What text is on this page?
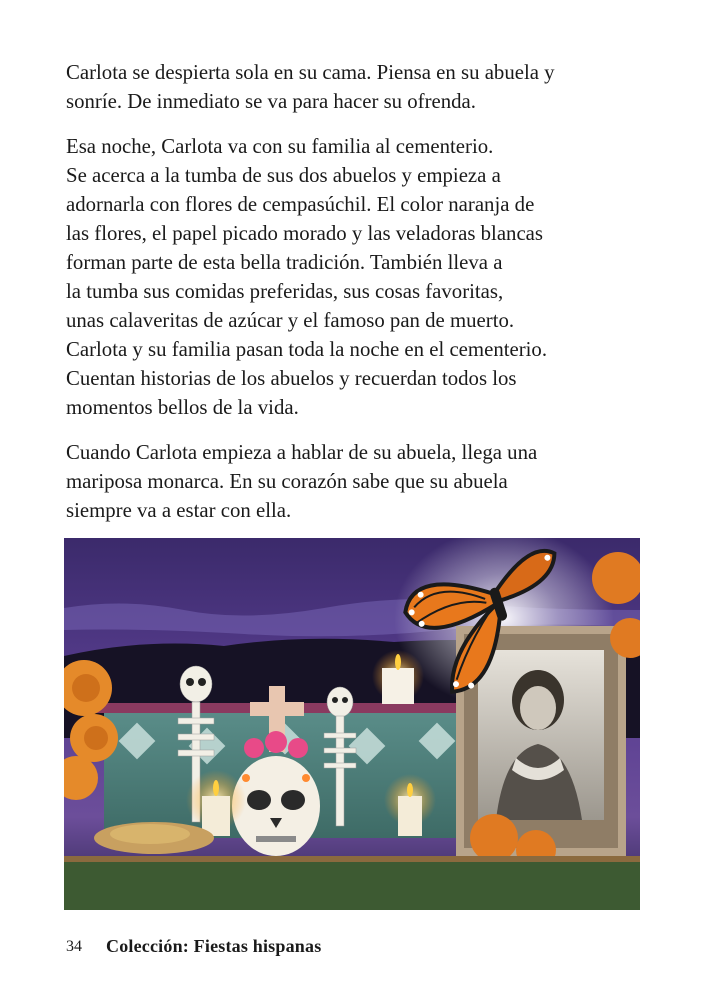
Carlota se despierta sola en su cama. Piensa en su abuela y
sonríe. De inmediato se va para hacer su ofrenda.

Esa noche, Carlota va con su familia al cementerio.
Se acerca a la tumba de sus dos abuelos y empieza a
adornarla con flores de cempasúchil. El color naranja de
las flores, el papel picado morado y las veladoras blancas
forman parte de esta bella tradición. También lleva a
la tumba sus comidas preferidas, sus cosas favoritas,
unas calaveritas de azúcar y el famoso pan de muerto.
Carlota y su familia pasan toda la noche en el cementerio.
Cuentan historias de los abuelos y recuerdan todos los
momentos bellos de la vida.

Cuando Carlota empieza a hablar de su abuela, llega una
mariposa monarca. En su corazón sabe que su abuela
siempre va a estar con ella.

34 Colección: Fiestas hispanas
